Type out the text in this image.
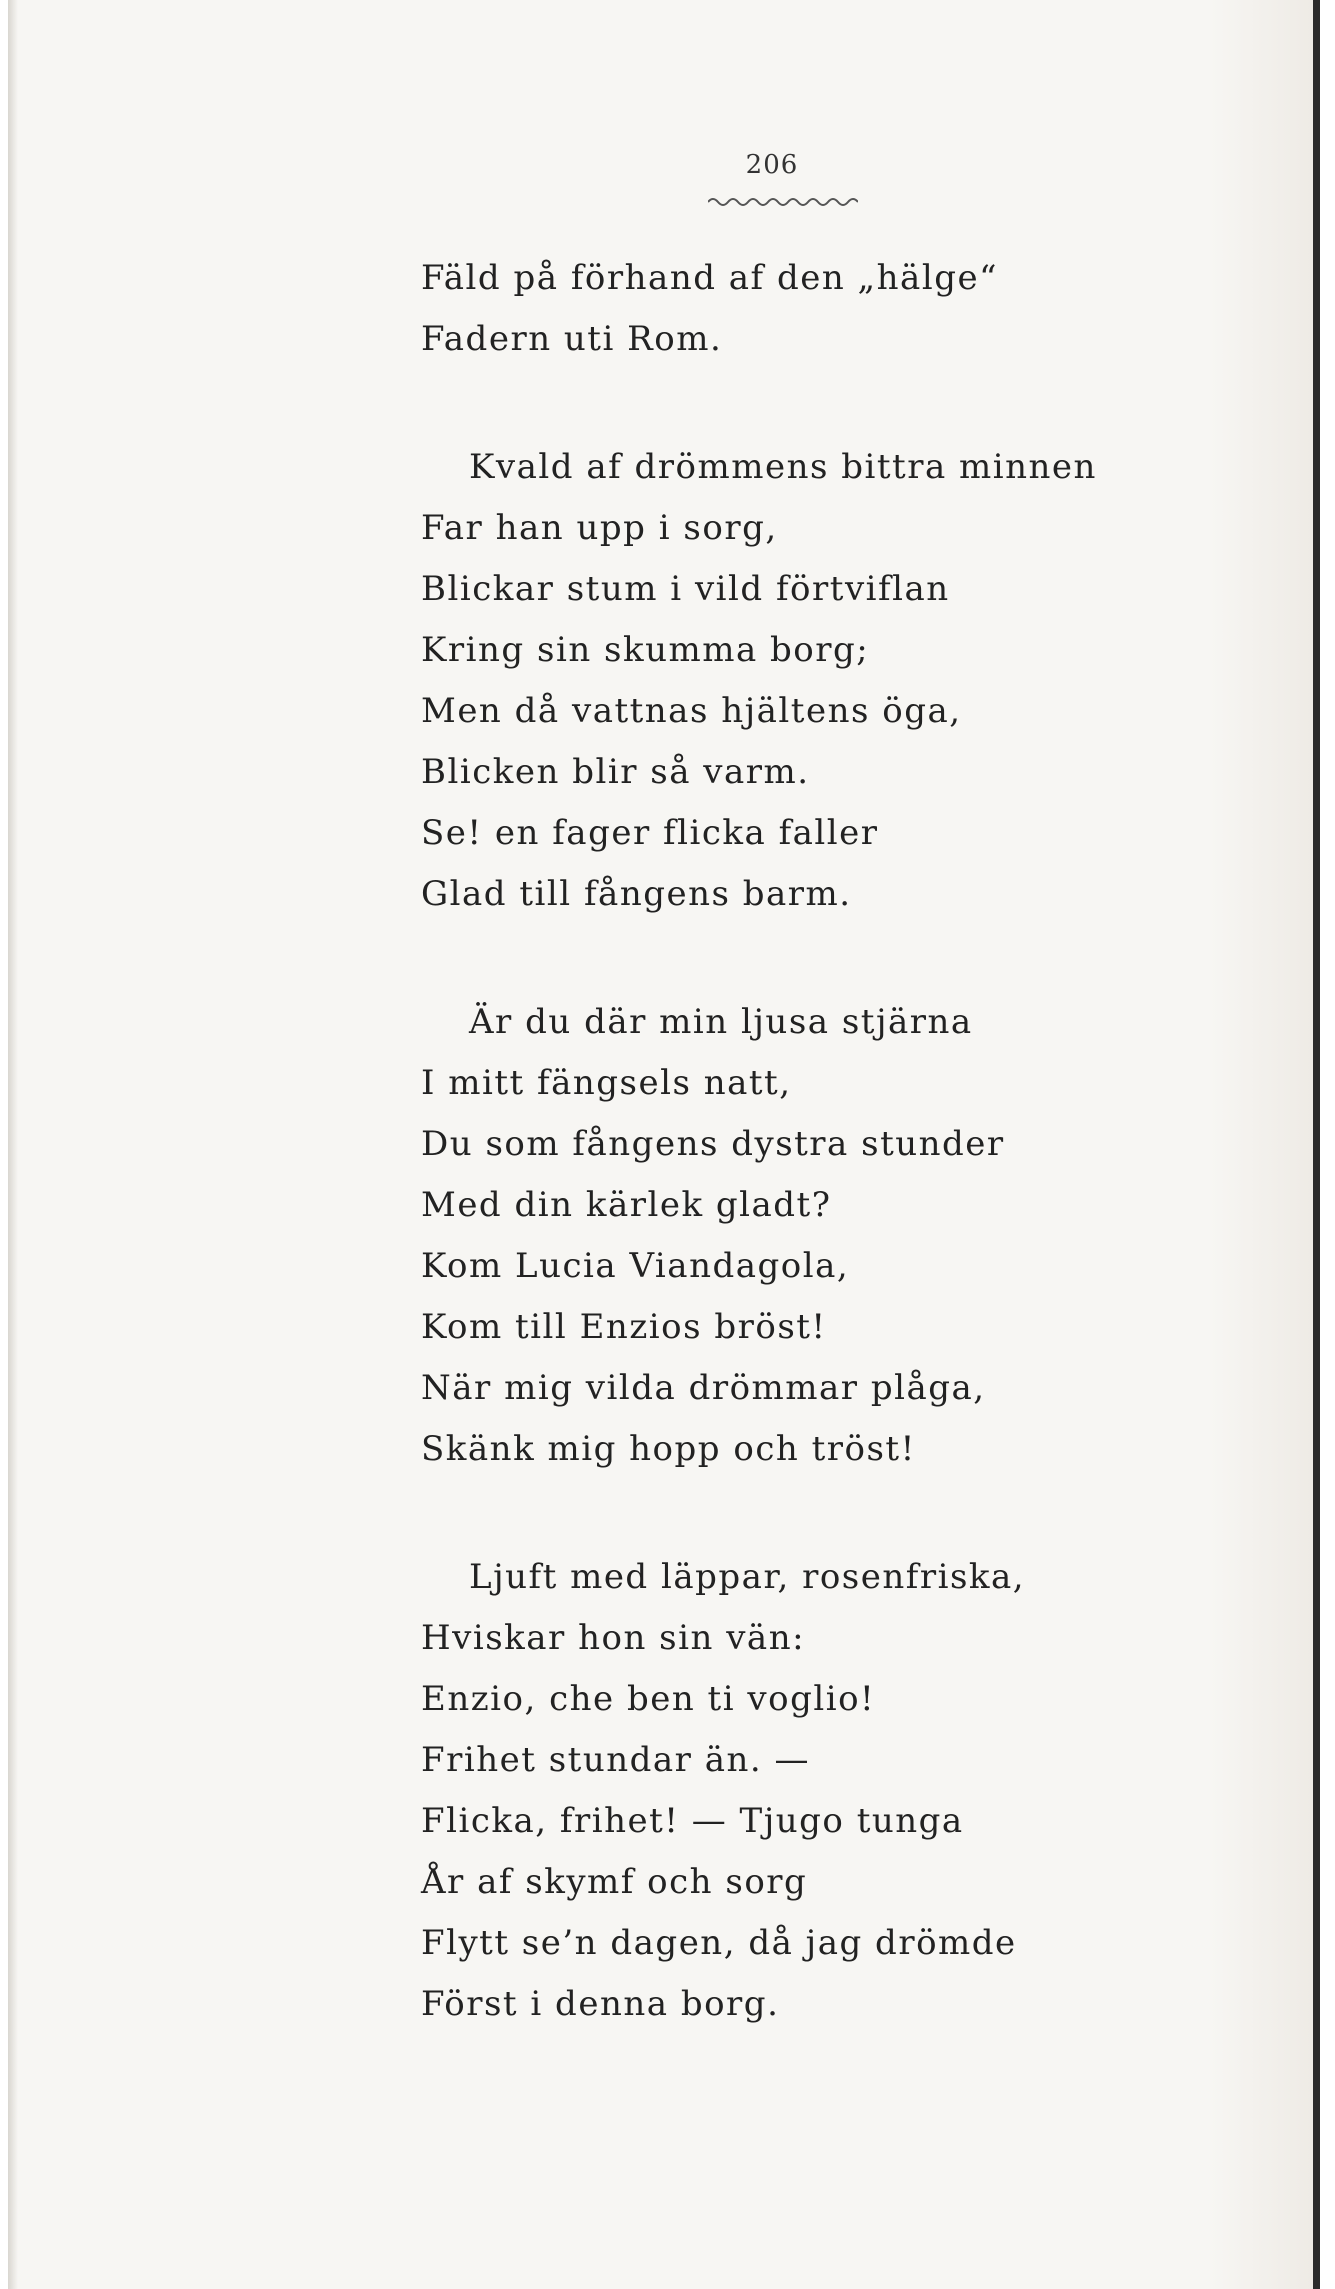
206
Fäld på förhand af den „hälge“
Fadern uti Rom.
Kvald af drömmens bittra minnen
Far han upp i sorg,
Blickar stum i vild förtviflan
Kring sin skumma borg;
Men då vattnas hjältens öga,
Blicken blir så varm.
Se! en fager flicka faller
Glad till fångens barm.
Är du där min ljusa stjärna
I mitt fängsels natt,
Du som fångens dystra stunder
Med din kärlek gladt?
Kom Lucia Viandagola,
Kom till Enzios bröst!
När mig vilda drömmar plåga,
Skänk mig hopp och tröst!
Ljuft med läppar, rosenfriska,
Hviskar hon sin vän:
Enzio, che ben ti voglio!
Frihet stundar än. —
Flicka, frihet! — Tjugo tunga
År af skymf och sorg
Flytt se’n dagen, då jag drömde
Först i denna borg.
